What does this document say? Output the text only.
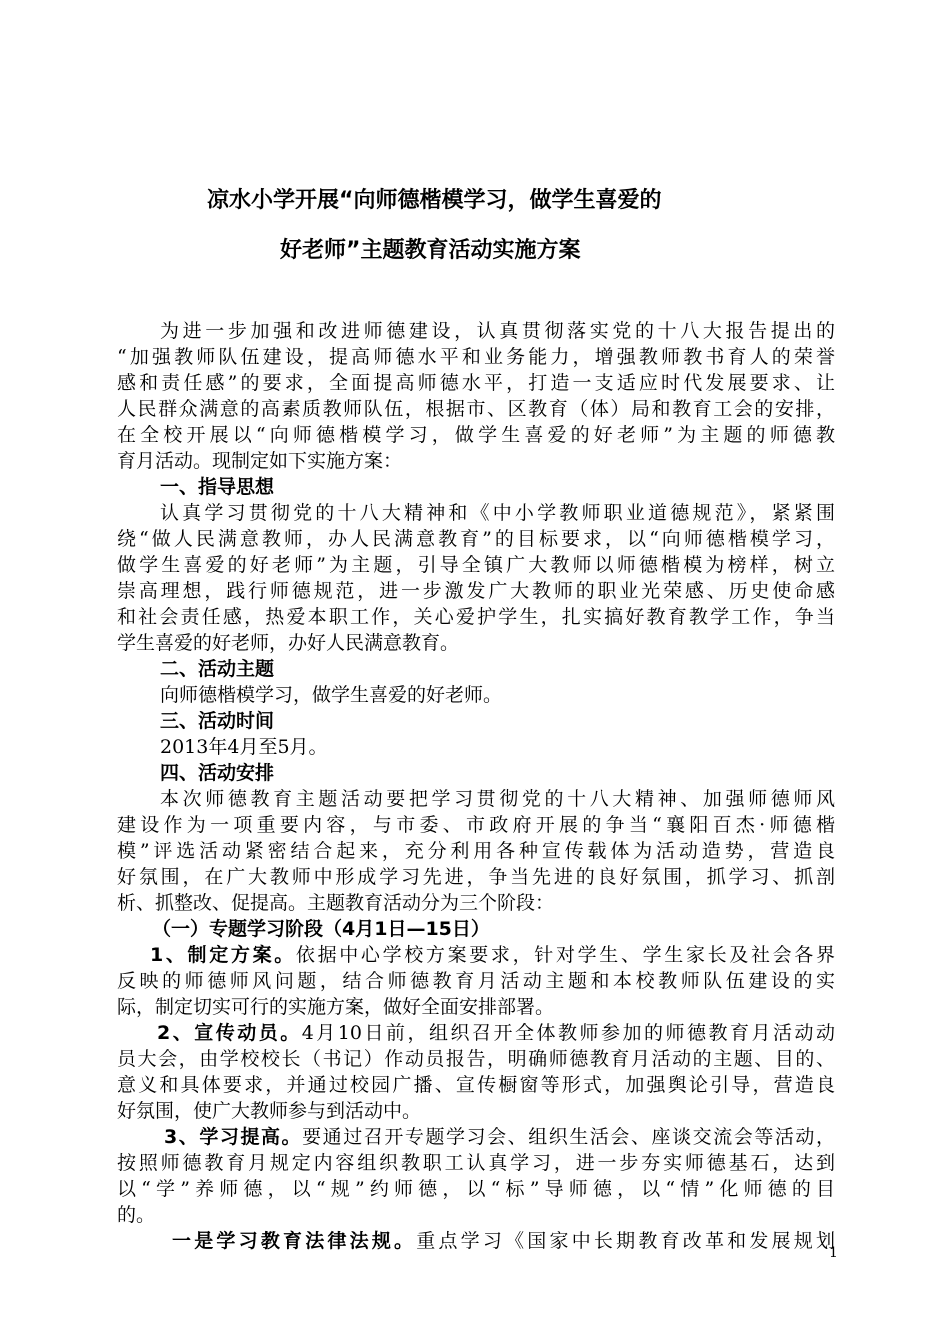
凉水小学开展“向师德楷模学习，做学生喜爱的
好老师”主题教育活动实施方案
为进一步加强和改进师德建设，认真贯彻落实党的十八大报告提出的
“加强教师队伍建设，提高师德水平和业务能力，增强教师教书育人的荣誉
感和责任感”的要求，全面提高师德水平，打造一支适应时代发展要求、让
人民群众满意的高素质教师队伍，根据市、区教育（体）局和教育工会的安排，
在全校开展以“向师德楷模学习，做学生喜爱的好老师”为主题的师德教
育月活动。现制定如下实施方案：
一、指导思想
认真学习贯彻党的十八大精神和《中小学教师职业道德规范》，紧紧围
绕“做人民满意教师，办人民满意教育”的目标要求，以“向师德楷模学习，
做学生喜爱的好老师”为主题，引导全镇广大教师以师德楷模为榜样，树立
崇高理想，践行师德规范，进一步激发广大教师的职业光荣感、历史使命感
和社会责任感，热爱本职工作，关心爱护学生，扎实搞好教育教学工作，争当
学生喜爱的好老师，办好人民满意教育。
二、活动主题
向师德楷模学习，做学生喜爱的好老师。
三、活动时间
2013年4月至5月。
四、活动安排
本次师德教育主题活动要把学习贯彻党的十八大精神、加强师德师风
建设作为一项重要内容，与市委、市政府开展的争当“襄阳百杰·师德楷
模”评选活动紧密结合起来，充分利用各种宣传载体为活动造势，营造良
好氛围，在广大教师中形成学习先进，争当先进的良好氛围，抓学习、抓剖
析、抓整改、促提高。主题教育活动分为三个阶段：
（一）专题学习阶段（4月1日—15日）
1、制定方案。依据中心学校方案要求，针对学生、学生家长及社会各界
反映的师德师风问题，结合师德教育月活动主题和本校教师队伍建设的实
际，制定切实可行的实施方案，做好全面安排部署。
2、宣传动员。4月10日前，组织召开全体教师参加的师德教育月活动动
员大会，由学校校长（书记）作动员报告，明确师德教育月活动的主题、目的、
意义和具体要求，并通过校园广播、宣传橱窗等形式，加强舆论引导，营造良
好氛围，使广大教师参与到活动中。
3、学习提高。要通过召开专题学习会、组织生活会、座谈交流会等活动，
按照师德教育月规定内容组织教职工认真学习，进一步夯实师德基石，达到
以“学”养师德，以“规”约师德，以“标”导师德，以“情”化师德的目
的。
一是学习教育法律法规。重点学习《国家中长期教育改革和发展规划
1
